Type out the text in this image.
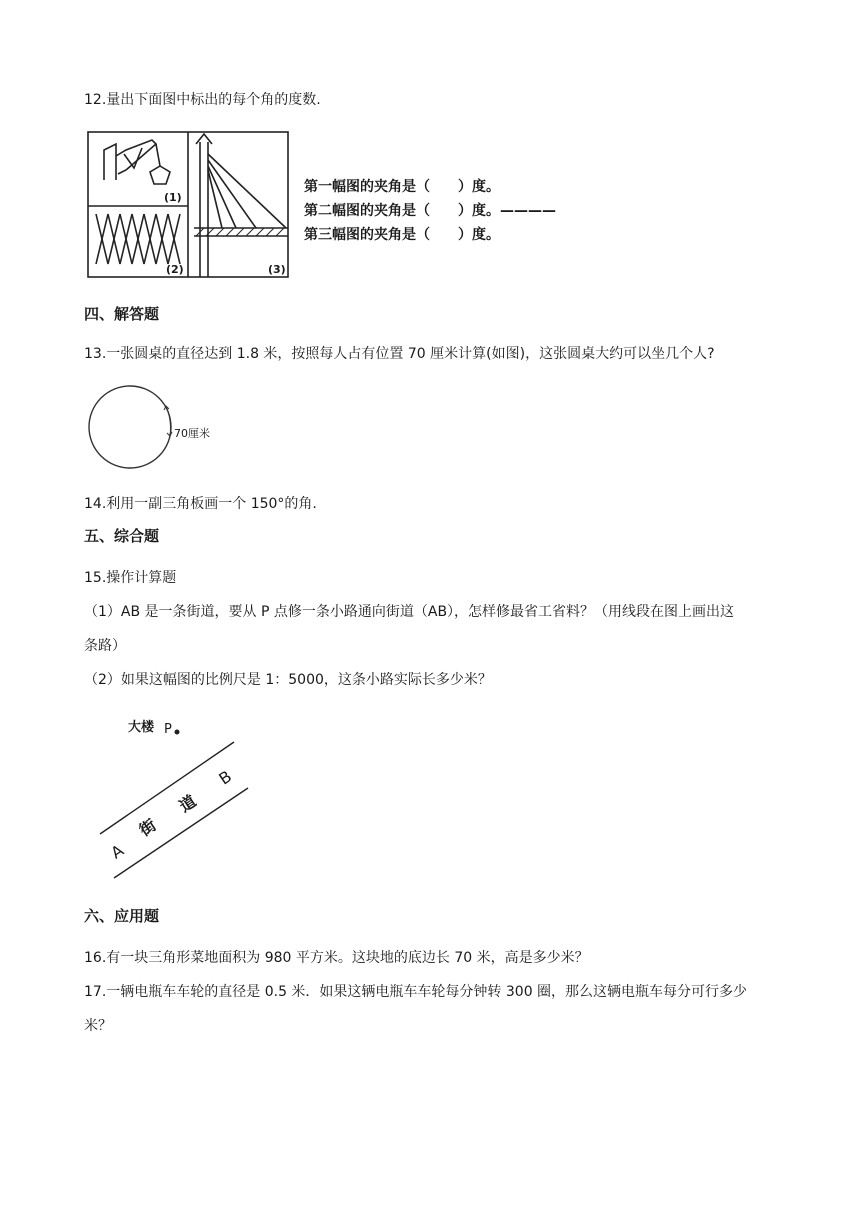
12.量出下面图中标出的每个角的度数.
(1)
(2)	(3)
第一幅图的夹角是（　　）度。
第二幅图的夹角是（　　）度。————
第三幅图的夹角是（　　）度。
四、解答题
13.一张圆桌的直径达到 1.8 米，按照每人占有位置 70 厘米计算(如图)，这张圆桌大约可以坐几个人?
70厘米
14.利用一副三角板画一个 150°的角.
五、综合题
15.操作计算题
（1）AB 是一条街道，要从 P 点修一条小路通向街道（AB），怎样修最省工省料？（用线段在图上画出这
条路）
（2）如果这幅图的比例尺是 1：5000，这条小路实际长多少米？
大楼 P
A
街
道
B
六、应用题
16.有一块三角形菜地面积为 980 平方米。这块地的底边长 70 米，高是多少米？
17.一辆电瓶车车轮的直径是 0.5 米．如果这辆电瓶车车轮每分钟转 300 圈，那么这辆电瓶车每分可行多少
米？
